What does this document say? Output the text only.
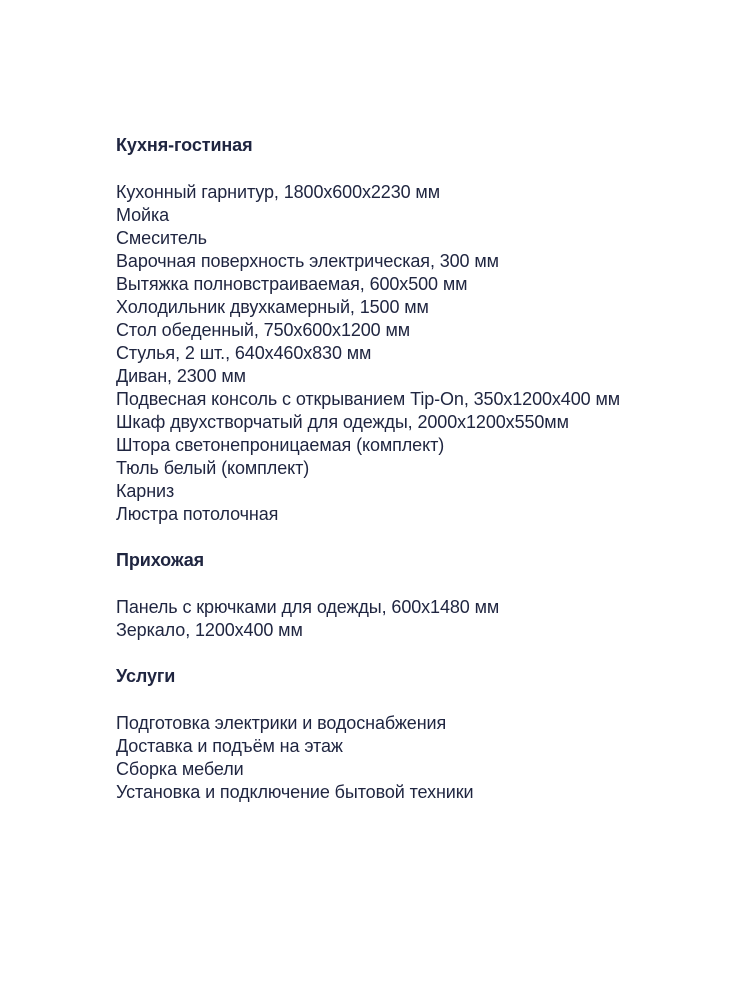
Кухня-гостиная
Кухонный гарнитур, 1800x600x2230 мм
Мойка
Смеситель
Варочная поверхность электрическая, 300 мм
Вытяжка полновстраиваемая, 600x500 мм
Холодильник двухкамерный, 1500 мм
Стол обеденный, 750x600x1200 мм
Стулья, 2 шт., 640x460x830 мм
Диван, 2300 мм
Подвесная консоль с открыванием Tip-On, 350x1200x400 мм
Шкаф двухстворчатый для одежды, 2000x1200x550мм
Штора светонепроницаемая (комплект)
Тюль белый (комплект)
Карниз
Люстра потолочная
Прихожая
Панель с крючками для одежды, 600x1480 мм
Зеркало, 1200x400 мм
Услуги
Подготовка электрики и водоснабжения
Доставка и подъём на этаж
Сборка мебели
Установка и подключение бытовой техники
